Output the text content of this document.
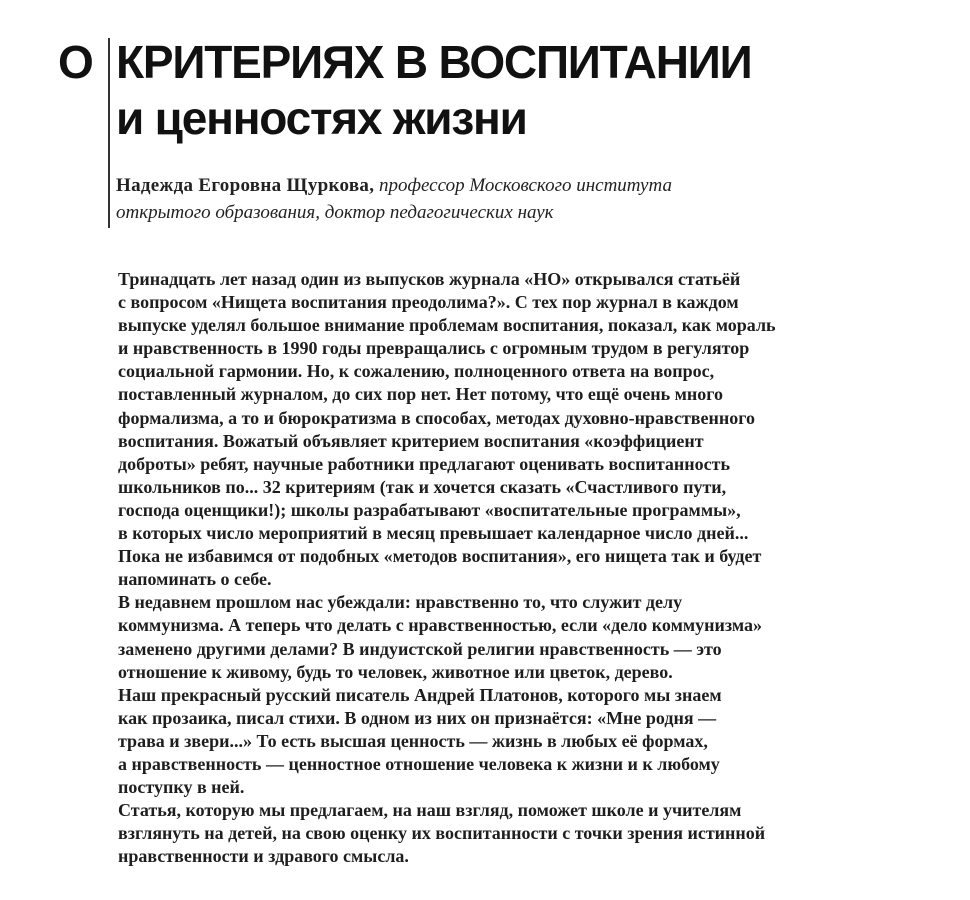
О КРИТЕРИЯХ В ВОСПИТАНИИ
и ценностях жизни
Надежда Егоровна Щуркова, профессор Московского института
открытого образования, доктор педагогических наук
Тринадцать лет назад один из выпусков журнала «НО» открывался статьёй
с вопросом «Нищета воспитания преодолима?». С тех пор журнал в каждом
выпуске уделял большое внимание проблемам воспитания, показал, как мораль
и нравственность в 1990 годы превращались с огромным трудом в регулятор
социальной гармонии. Но, к сожалению, полноценного ответа на вопрос,
поставленный журналом, до сих пор нет. Нет потому, что ещё очень много
формализма, а то и бюрократизма в способах, методах духовно-нравственного
воспитания. Вожатый объявляет критерием воспитания «коэффициент
доброты» ребят, научные работники предлагают оценивать воспитанность
школьников по... 32 критериям (так и хочется сказать «Счастливого пути,
господа оценщики!); школы разрабатывают «воспитательные программы»,
в которых число мероприятий в месяц превышает календарное число дней...
Пока не избавимся от подобных «методов воспитания», его нищета так и будет
напоминать о себе.
В недавнем прошлом нас убеждали: нравственно то, что служит делу
коммунизма. А теперь что делать с нравственностью, если «дело коммунизма»
заменено другими делами? В индуистской религии нравственность — это
отношение к живому, будь то человек, животное или цветок, дерево.
Наш прекрасный русский писатель Андрей Платонов, которого мы знаем
как прозаика, писал стихи. В одном из них он признаётся: «Мне родня —
трава и звери...» То есть высшая ценность — жизнь в любых её формах,
а нравственность — ценностное отношение человека к жизни и к любому
поступку в ней.
Статья, которую мы предлагаем, на наш взгляд, поможет школе и учителям
взглянуть на детей, на свою оценку их воспитанности с точки зрения истинной
нравственности и здравого смысла.
